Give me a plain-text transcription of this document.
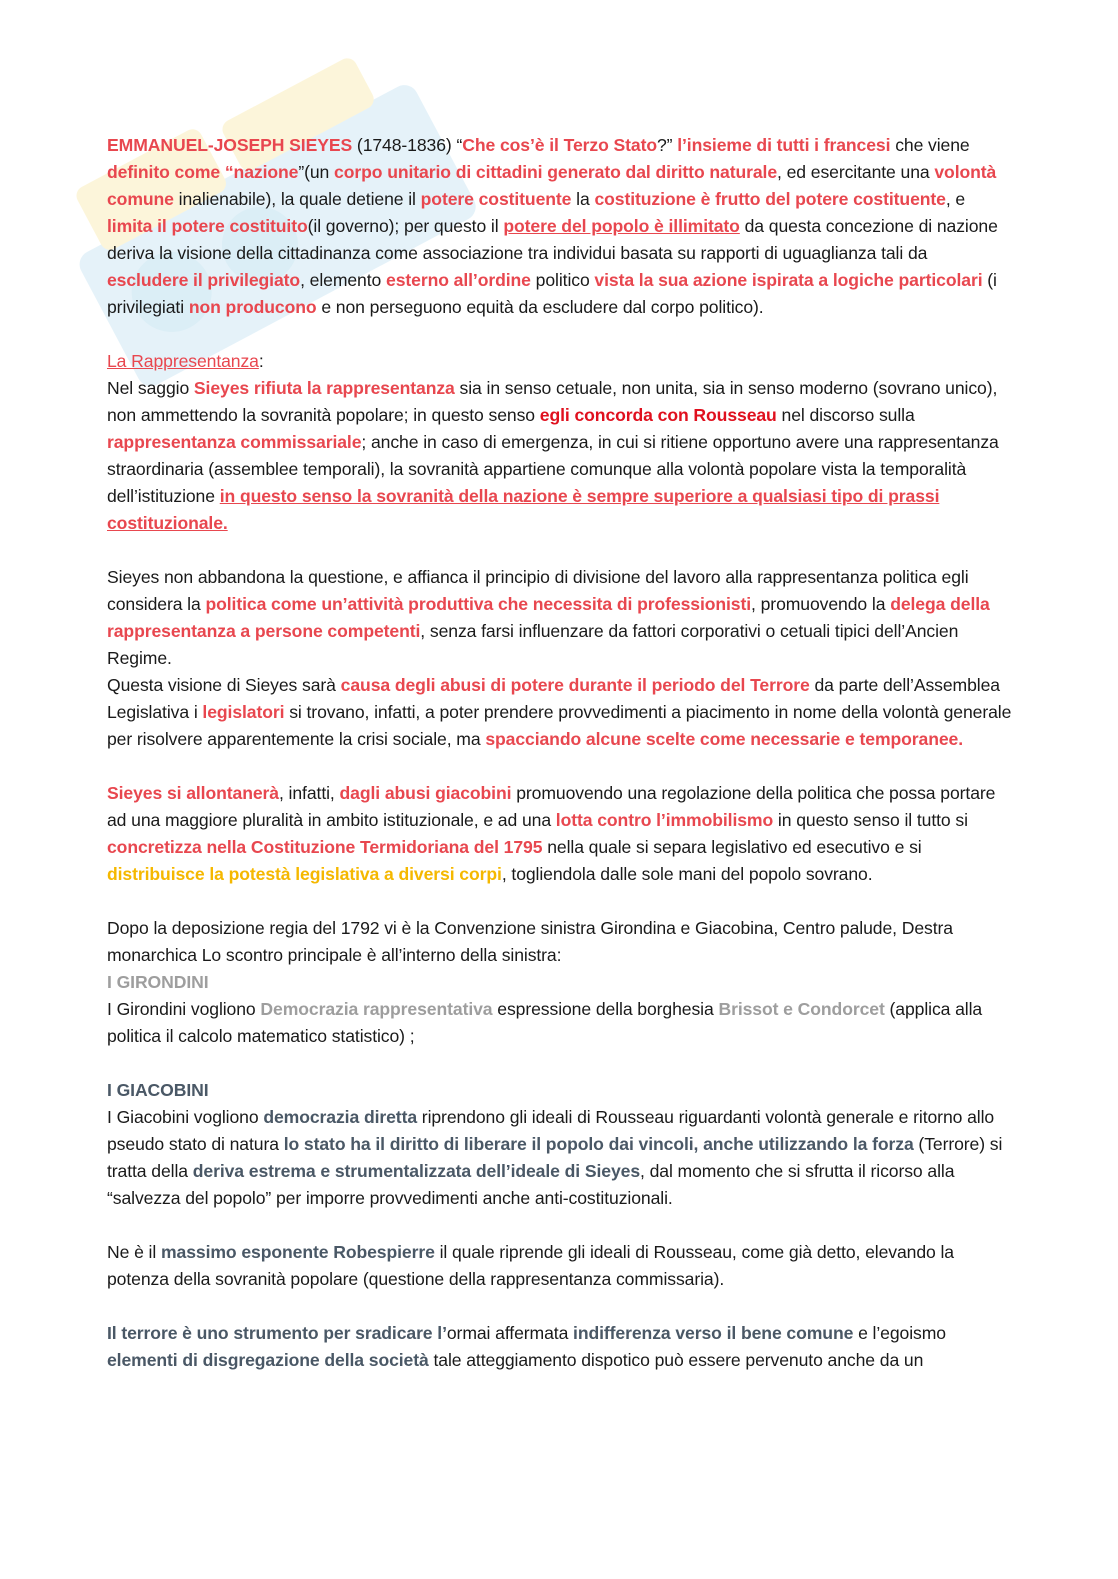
EMMANUEL-JOSEPH SIEYES (1748-1836) “Che cos’è il Terzo Stato?” l’insieme di tutti i francesi che viene definito come “nazione”(un corpo unitario di cittadini generato dal diritto naturale, ed esercitante una volontà comune inalienabile), la quale detiene il potere costituente la costituzione è frutto del potere costituente, e limita il potere costituito(il governo); per questo il potere del popolo è illimitato da questa concezione di nazione deriva la visione della cittadinanza come associazione tra individui basata su rapporti di uguaglianza tali da escludere il privilegiato, elemento esterno all’ordine politico vista la sua azione ispirata a logiche particolari (i privilegiati non producono e non perseguono equità da escludere dal corpo politico).

La Rappresentanza:

Nel saggio Sieyes rifiuta la rappresentanza sia in senso cetuale, non unita, sia in senso moderno (sovrano unico), non ammettendo la sovranità popolare; in questo senso egli concorda con Rousseau nel discorso sulla rappresentanza commissariale; anche in caso di emergenza, in cui si ritiene opportuno avere una rappresentanza straordinaria (assemblee temporali), la sovranità appartiene comunque alla volontà popolare vista la temporalità dell’istituzione in questo senso la sovranità della nazione è sempre superiore a qualsiasi tipo di prassi costituzionale.

Sieyes non abbandona la questione, e affianca il principio di divisione del lavoro alla rappresentanza politica egli considera la politica come un’attività produttiva che necessita di professionisti, promuovendo la delega della rappresentanza a persone competenti, senza farsi influenzare da fattori corporativi o cetuali tipici dell’Ancien Regime.

Questa visione di Sieyes sarà causa degli abusi di potere durante il periodo del Terrore da parte dell’Assemblea Legislativa i legislatori si trovano, infatti, a poter prendere provvedimenti a piacimento in nome della volontà generale per risolvere apparentemente la crisi sociale, ma spacciando alcune scelte come necessarie e temporanee.

Sieyes si allontanerà, infatti, dagli abusi giacobini promuovendo una regolazione della politica che possa portare ad una maggiore pluralità in ambito istituzionale, e ad una lotta contro l’immobilismo in questo senso il tutto si concretizza nella Costituzione Termidoriana del 1795 nella quale si separa legislativo ed esecutivo e si distribuisce la potestà legislativa a diversi corpi, togliendola dalle sole mani del popolo sovrano.

Dopo la deposizione regia del 1792 vi è la Convenzione sinistra Girondina e Giacobina, Centro palude, Destra monarchica Lo scontro principale è all’interno della sinistra:

I GIRONDINI

I Girondini vogliono Democrazia rappresentativa espressione della borghesia Brissot e Condorcet (applica alla politica il calcolo matematico statistico) ;

I GIACOBINI

I Giacobini vogliono democrazia diretta riprendono gli ideali di Rousseau riguardanti volontà generale e ritorno allo pseudo stato di natura lo stato ha il diritto di liberare il popolo dai vincoli, anche utilizzando la forza (Terrore) si tratta della deriva estrema e strumentalizzata dell’ideale di Sieyes, dal momento che si sfrutta il ricorso alla “salvezza del popolo” per imporre provvedimenti anche anti-costituzionali.

Ne è il massimo esponente Robespierre il quale riprende gli ideali di Rousseau, come già detto, elevando la potenza della sovranità popolare (questione della rappresentanza commissaria).

Il terrore è uno strumento per sradicare l’ormai affermata indifferenza verso il bene comune e l’egoismo elementi di disgregazione della società tale atteggiamento dispotico può essere pervenuto anche da un
